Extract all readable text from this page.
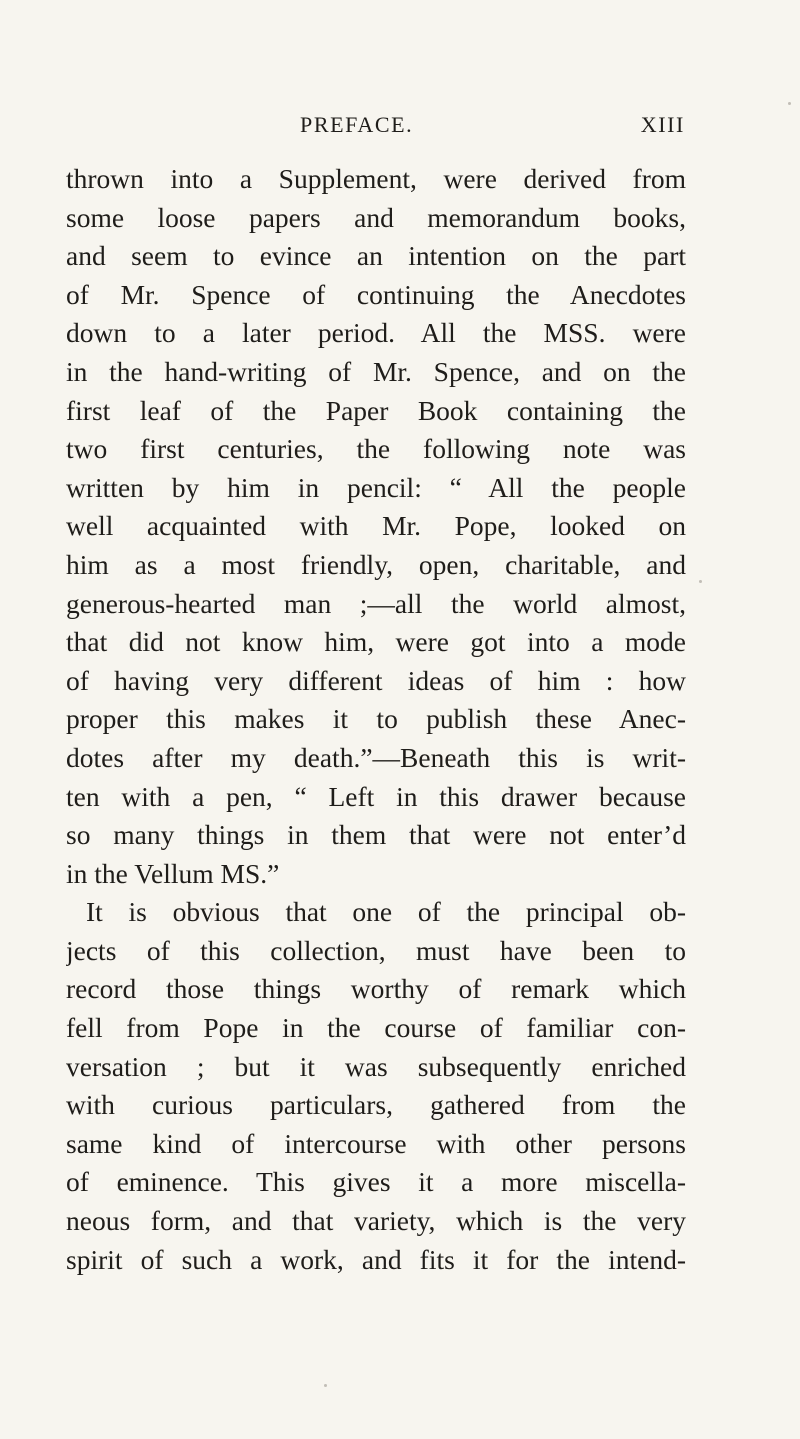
PREFACE.	XIII
thrown into a Supplement, were derived from
some loose papers and memorandum books,
and seem to evince an intention on the part
of Mr. Spence of continuing the Anecdotes
down to a later period. All the MSS. were
in the hand-writing of Mr. Spence, and on the
first leaf of the Paper Book containing the
two first centuries, the following note was
written by him in pencil: “ All the people
well acquainted with Mr. Pope, looked on
him as a most friendly, open, charitable, and
generous-hearted man ;—all the world almost,
that did not know him, were got into a mode
of having very different ideas of him : how
proper this makes it to publish these Anec-
dotes after my death.”—Beneath this is writ-
ten with a pen, “ Left in this drawer because
so many things in them that were not enter’d
in the Vellum MS.”
It is obvious that one of the principal ob-
jects of this collection, must have been to
record those things worthy of remark which
fell from Pope in the course of familiar con-
versation ; but it was subsequently enriched
with curious particulars, gathered from the
same kind of intercourse with other persons
of eminence. This gives it a more miscella-
neous form, and that variety, which is the very
spirit of such a work, and fits it for the intend-
